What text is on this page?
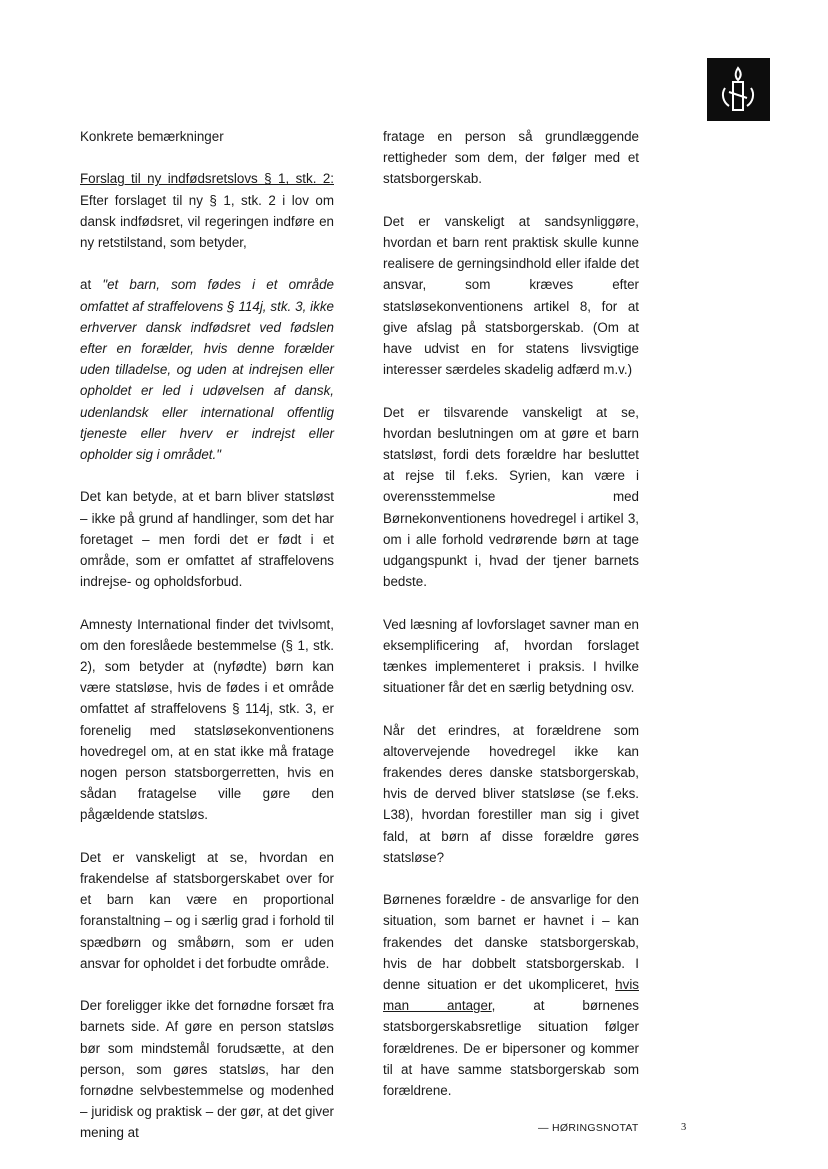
Konkrete bemærkninger

Forslag til ny indfødsretslovs § 1, stk. 2: Efter forslaget til ny § 1, stk. 2 i lov om dansk indfødsret, vil regeringen indføre en ny retstilstand, som betyder,

at "et barn, som fødes i et område omfattet af straffelovens § 114j, stk. 3, ikke erhverver dansk indfødsret ved fødslen efter en forælder, hvis denne forælder uden tilladelse, og uden at indrejsen eller opholdet er led i udøvelsen af dansk, udenlandsk eller international offentlig tjeneste eller hverv er indrejst eller opholder sig i området."

Det kan betyde, at et barn bliver statsløst – ikke på grund af handlinger, som det har foretaget – men fordi det er født i et område, som er omfattet af straffelovens indrejse- og opholdsforbud.

Amnesty International finder det tvivlsomt, om den foreslåede bestemmelse (§ 1, stk. 2), som betyder at (nyfødte) børn kan være statsløse, hvis de fødes i et område omfattet af straffelovens § 114j, stk. 3, er forenelig med statsløsekonventionens hovedregel om, at en stat ikke må fratage nogen person statsborgerretten, hvis en sådan fratagelse ville gøre den pågældende statsløs.

Det er vanskeligt at se, hvordan en frakendelse af statsborgerskabet over for et barn kan være en proportional foranstaltning – og i særlig grad i forhold til spædbørn og småbørn, som er uden ansvar for opholdet i det forbudte område.

Der foreligger ikke det fornødne forsæt fra barnets side. Af gøre en person statsløs bør som mindstemål forudsætte, at den person, som gøres statsløs, har den fornødne selvbestemmelse og modenhed – juridisk og praktisk – der gør, at det giver mening at

fratage en person så grundlæggende rettigheder som dem, der følger med et statsborgerskab.

Det er vanskeligt at sandsynliggøre, hvordan et barn rent praktisk skulle kunne realisere de gerningsindhold eller ifalde det ansvar, som kræves efter statsløsekonventionens artikel 8, for at give afslag på statsborgerskab. (Om at have udvist en for statens livsvigtige interesser særdeles skadelig adfærd m.v.)

Det er tilsvarende vanskeligt at se, hvordan beslutningen om at gøre et barn statsløst, fordi dets forældre har besluttet at rejse til f.eks. Syrien, kan være i overensstemmelse med Børnekonventionens hovedregel i artikel 3, om i alle forhold vedrørende børn at tage udgangspunkt i, hvad der tjener barnets bedste.

Ved læsning af lovforslaget savner man en eksemplificering af, hvordan forslaget tænkes implementeret i praksis. I hvilke situationer får det en særlig betydning osv.

Når det erindres, at forældrene som altovervejende hovedregel ikke kan frakendes deres danske statsborgerskab, hvis de derved bliver statsløse (se f.eks. L38), hvordan forestiller man sig i givet fald, at børn af disse forældre gøres statsløse?

Børnenes forældre - de ansvarlige for den situation, som barnet er havnet i – kan frakendes det danske statsborgerskab, hvis de har dobbelt statsborgerskab. I denne situation er det ukompliceret, hvis man antager, at børnenes statsborgerskabsretlige situation følger forældrenes. De er bipersoner og kommer til at have samme statsborgerskab som forældrene.

— HØRINGSNOTAT	3
